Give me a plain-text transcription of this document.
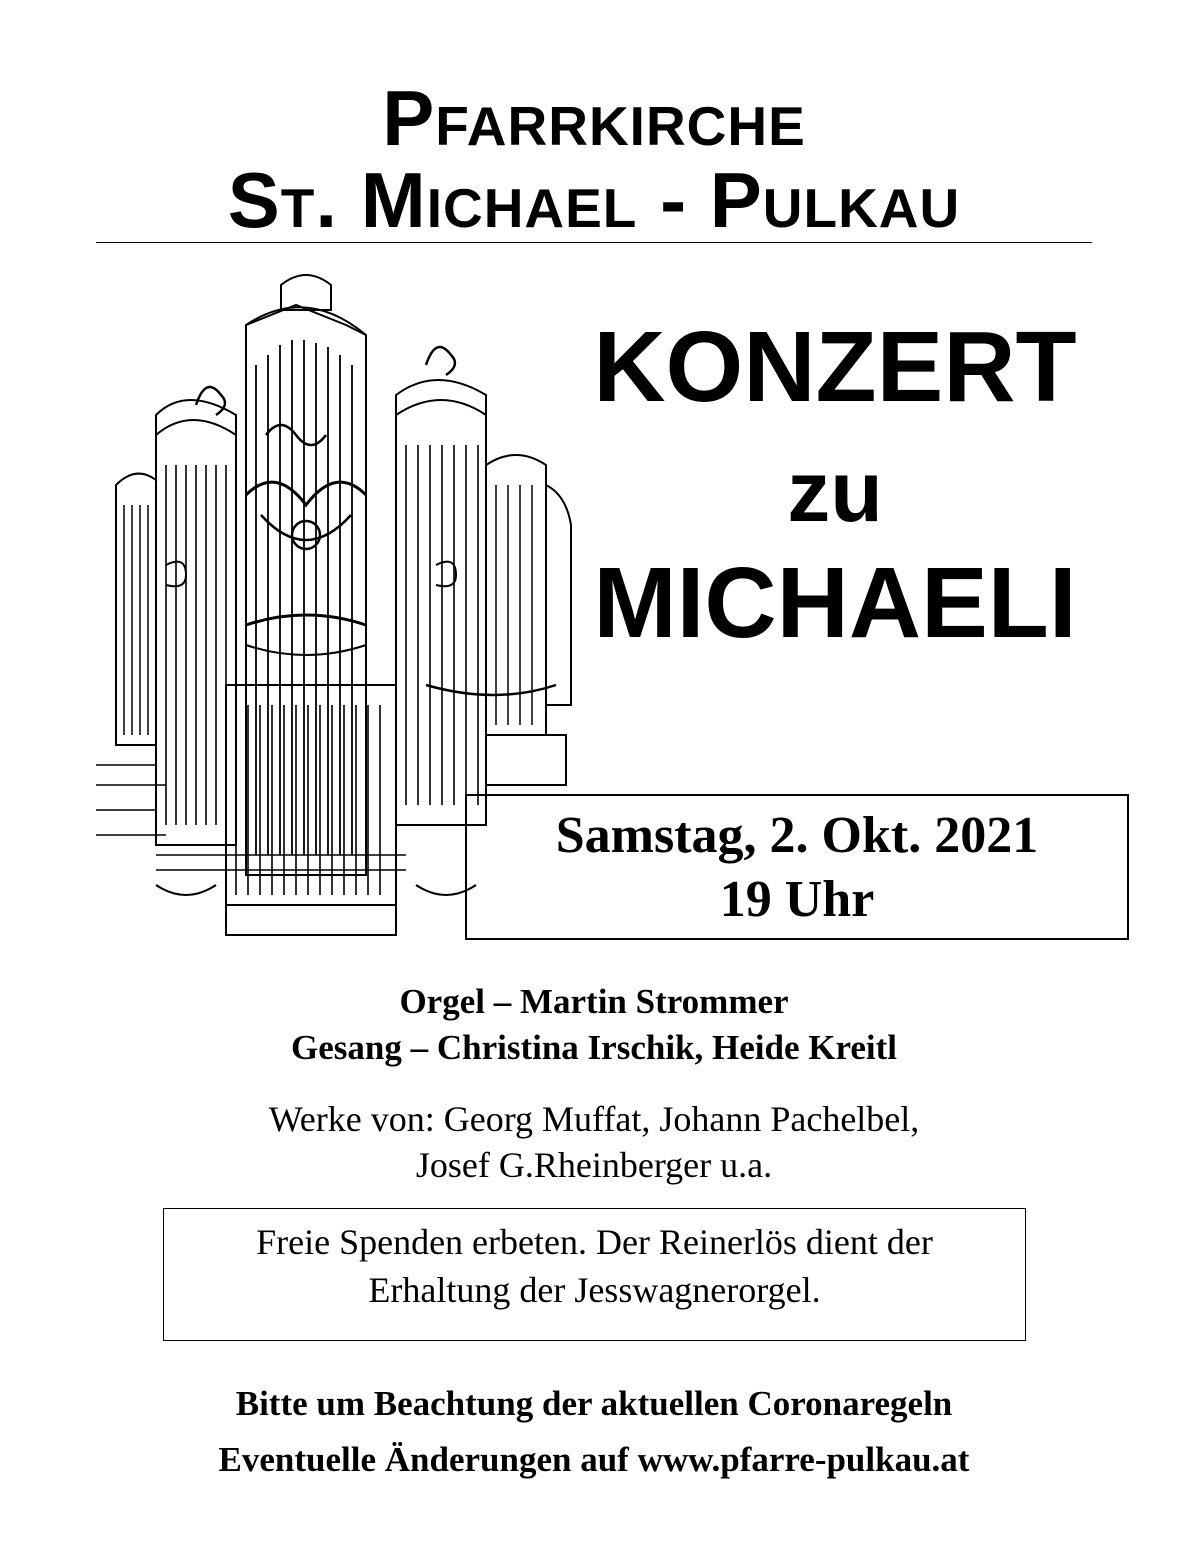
Pfarrkirche
St. Michael - Pulkau
KONZERT
zu
MICHAELI
Samstag, 2. Okt. 2021
19 Uhr
Orgel – Martin Strommer
Gesang – Christina Irschik, Heide Kreitl
Werke von: Georg Muffat, Johann Pachelbel,
Josef G.Rheinberger u.a.
Freie Spenden erbeten. Der Reinerlös dient der
Erhaltung der Jesswagnerorgel.
Bitte um Beachtung der aktuellen Coronaregeln
Eventuelle Änderungen auf www.pfarre-pulkau.at
